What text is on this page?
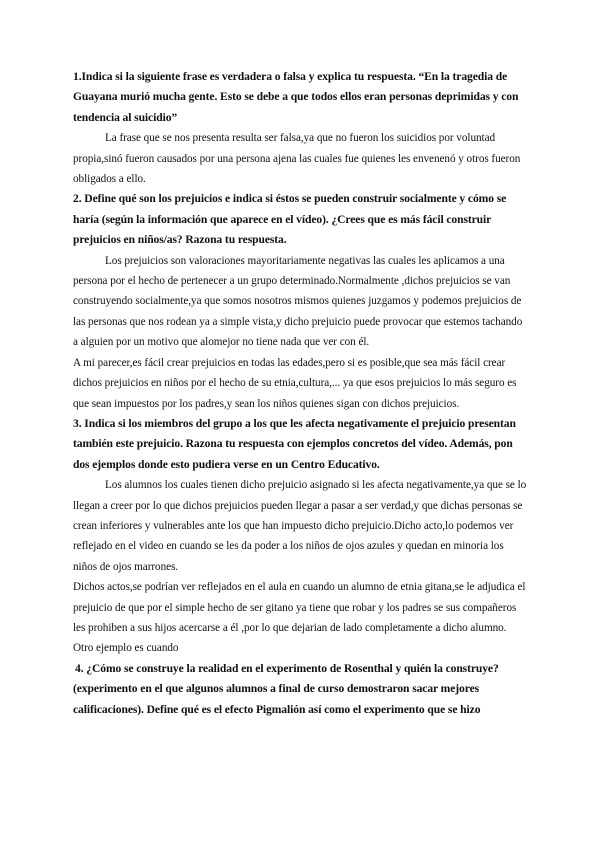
1.Indica si la siguiente frase es verdadera o falsa y explica tu respuesta. “En la tragedia de Guayana murió mucha gente. Esto se debe a que todos ellos eran personas deprimidas y con tendencia al suicidio”

La frase que se nos presenta resulta ser falsa,ya que no fueron los suicidios por voluntad propia,sinó fueron causados por una persona ajena las cuales fue quienes les envenenó y otros fueron obligados a ello.

2. Define qué son los prejuicios e indica si éstos se pueden construir socialmente y cómo se haría (según la información que aparece en el vídeo). ¿Crees que es más fácil construir prejuicios en niños/as? Razona tu respuesta.

Los prejuicios son valoraciones mayoritariamente negativas las cuales les aplicamos a una persona por el hecho de pertenecer a un grupo determinado.Normalmente ,dichos prejuicios se van construyendo socialmente,ya que somos nosotros mismos quienes juzgamos y podemos prejuicios de las personas que nos rodean ya a simple vista,y dicho prejuicio puede provocar que estemos tachando a alguien por un motivo que alomejor no tiene nada que ver con él.

A mi parecer,es fácil crear prejuicios en todas las edades,pero si es posible,que sea más fácil crear dichos prejuicios en niños por el hecho de su etnia,cultura,... ya que esos prejuicios lo más seguro es que sean impuestos por los padres,y sean los niños quienes sigan con dichos prejuicios.

3. Indica si los miembros del grupo a los que les afecta negativamente el prejuicio presentan también este prejuicio. Razona tu respuesta con ejemplos concretos del vídeo. Además, pon dos ejemplos donde esto pudiera verse en un Centro Educativo.

Los alumnos los cuales tienen dicho prejuicio asignado si les afecta negativamente,ya que se lo llegan a creer por lo que dichos prejuicios pueden llegar a pasar a ser verdad,y que dichas personas se crean inferiores y vulnerables ante los que han impuesto dicho prejuicio.Dicho acto,lo podemos ver reflejado en el video en cuando se les da poder a los niños de ojos azules y quedan en minoria los niños de ojos marrones.

Dichos actos,se podrían ver reflejados en el aula en cuando un alumno de etnia gitana,se le adjudica el prejuicio de que por el simple hecho de ser gitano ya tiene que robar y los padres se sus compañeros les prohiben a sus hijos acercarse a él ,por lo que dejarian de lado completamente a dicho alumno. Otro ejemplo es cuando

4. ¿Cómo se construye la realidad en el experimento de Rosenthal y quién la construye? (experimento en el que algunos alumnos a final de curso demostraron sacar mejores calificaciones). Define qué es el efecto Pigmalión así como el experimento que se hizo
